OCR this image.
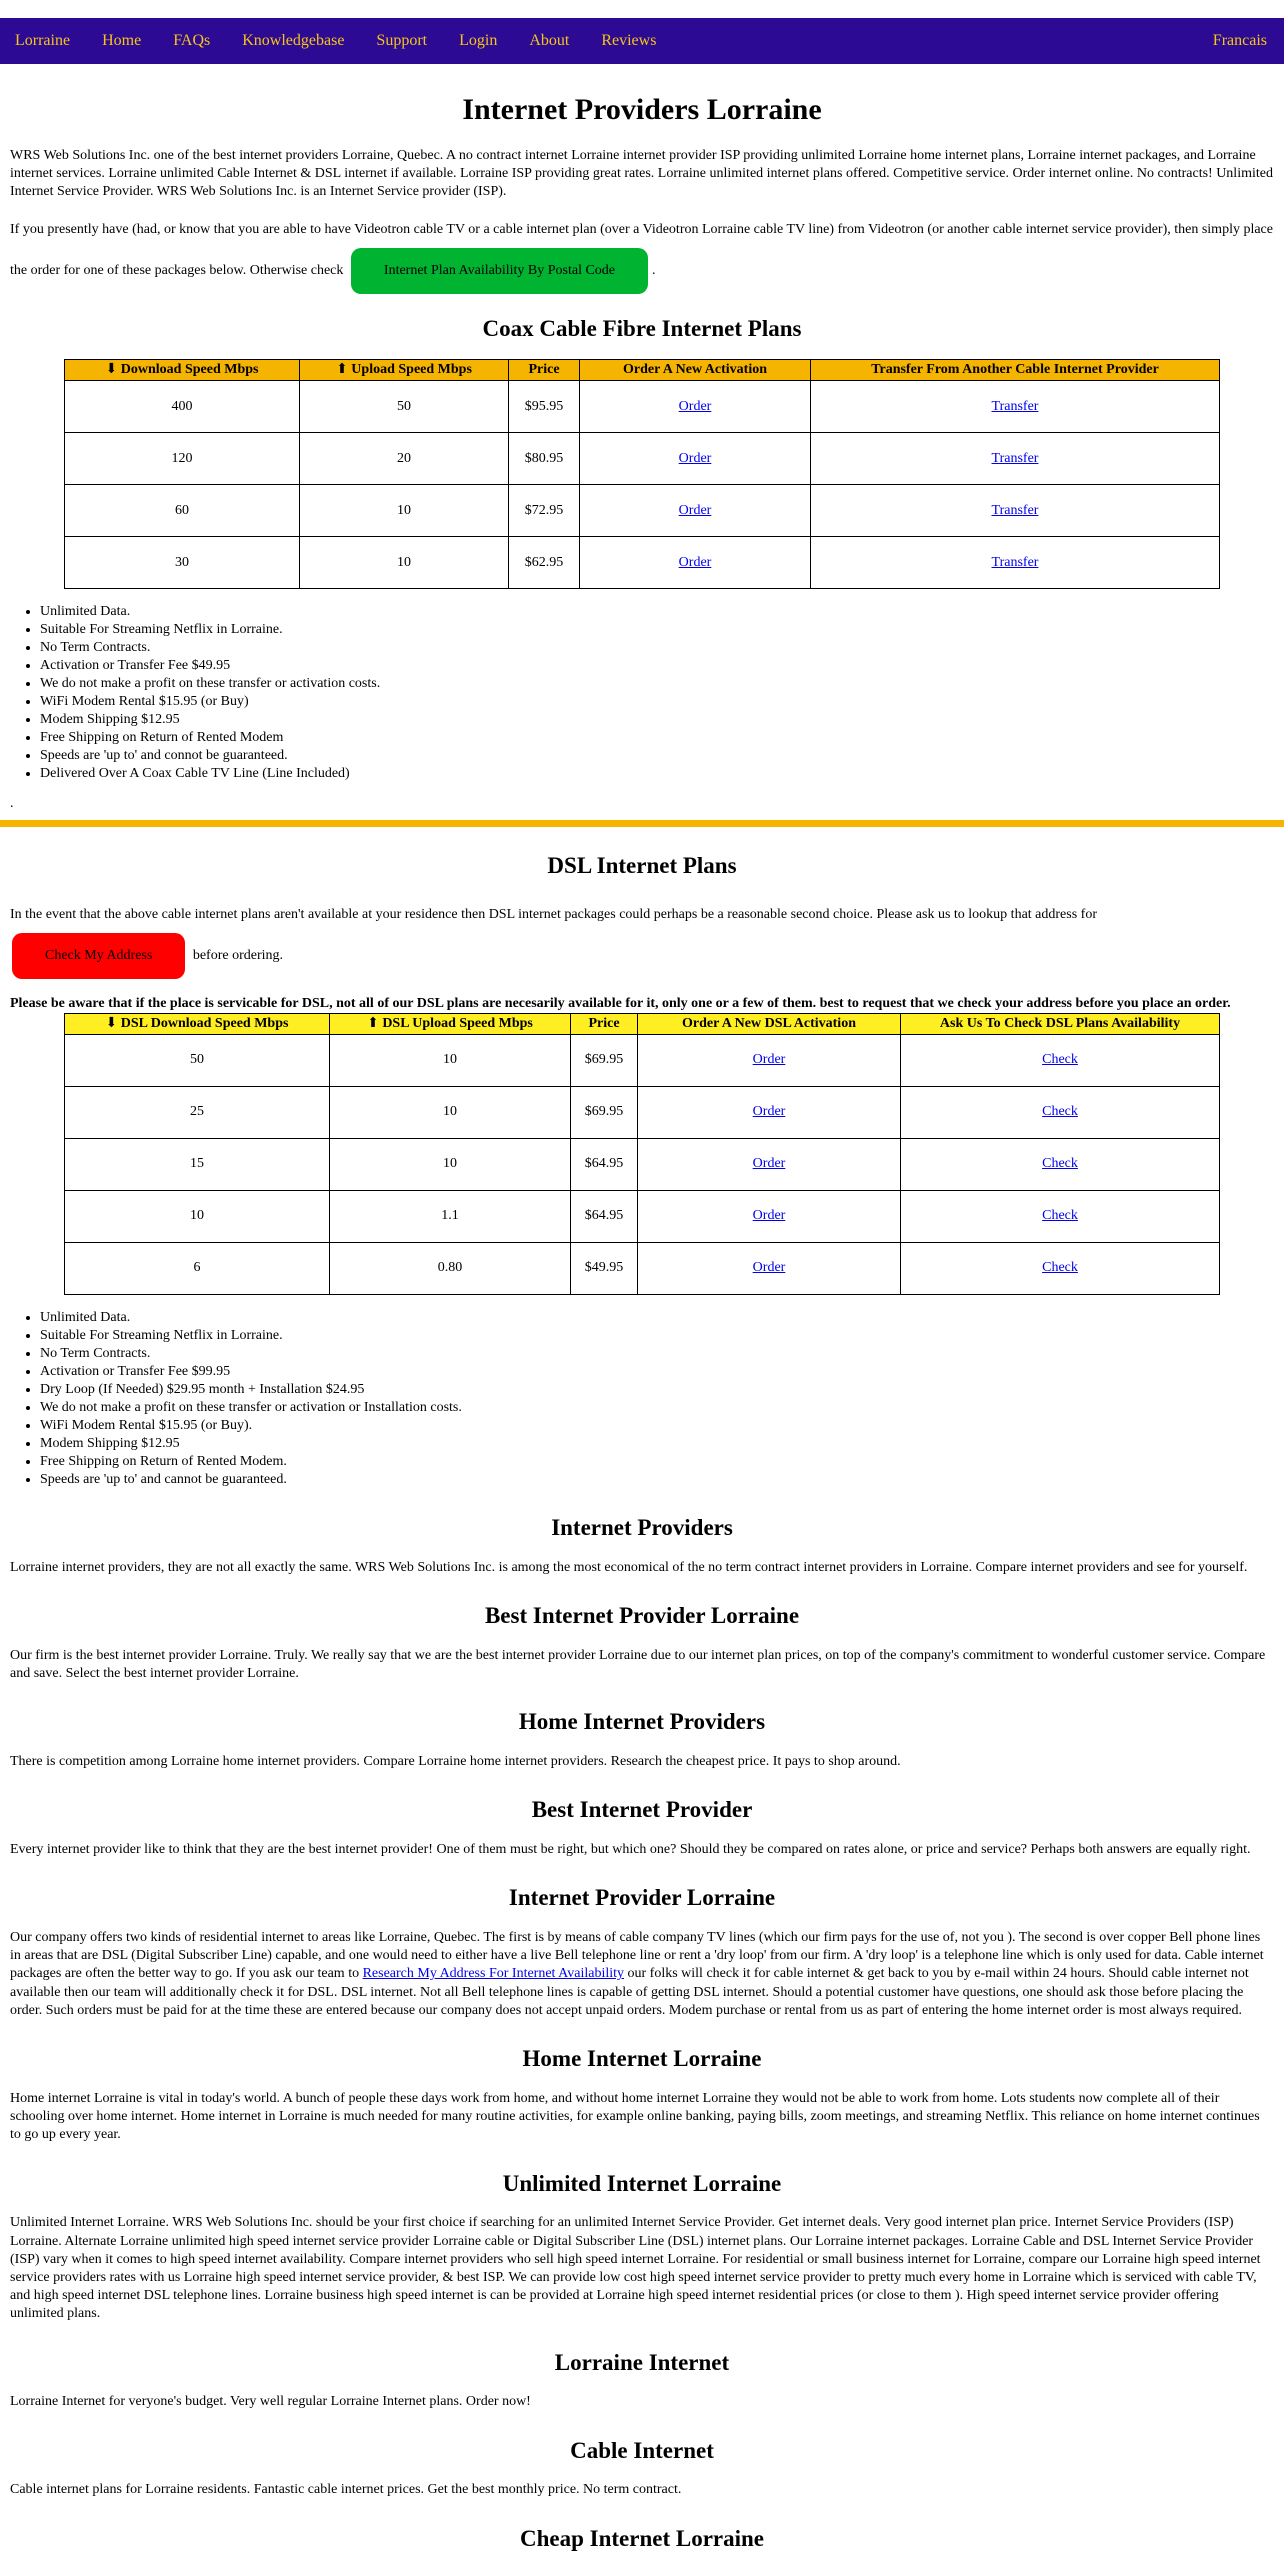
Lorraine Home FAQs Knowledgebase Support Login About Reviews	Francais
Internet Providers Lorraine

WRS Web Solutions Inc. one of the best internet providers Lorraine, Quebec. A no contract internet Lorraine internet provider ISP providing unlimited Lorraine home internet plans, Lorraine internet packages, and Lorraine internet services. Lorraine unlimited Cable Internet & DSL internet if available. Lorraine ISP providing great rates. Lorraine unlimited internet plans offered. Competitive service. Order internet online. No contracts! Unlimited Internet Service Provider. WRS Web Solutions Inc. is an Internet Service provider (ISP).

If you presently have (had, or know that you are able to have Videotron cable TV or a cable internet plan (over a Videotron Lorraine cable TV line) from Videotron (or another cable internet service provider), then simply place the order for one of these packages below. Otherwise check	Internet Plan Availability By Postal Code	.

Coax Cable Fibre Internet Plans
⬇ Download Speed Mbps	⬆ Upload Speed Mbps	Price	Order A New Activation	Transfer From Another Cable Internet Provider
400	50	$95.95	Order	Transfer
120	20	$80.95	Order	Transfer
60	10	$72.95	Order	Transfer
30	10	$62.95	Order	Transfer
• Unlimited Data.
• Suitable For Streaming Netflix in Lorraine.
• No Term Contracts.
• Activation or Transfer Fee $49.95
• We do not make a profit on these transfer or activation costs.
• WiFi Modem Rental $15.95 (or Buy)
• Modem Shipping $12.95
• Free Shipping on Return of Rented Modem
• Speeds are 'up to' and connot be guaranteed.
• Delivered Over A Coax Cable TV Line (Line Included)

.

DSL Internet Plans

In the event that the above cable internet plans aren't available at your residence then DSL internet packages could perhaps be a reasonable second choice. Please ask us to lookup that address for
Check My Address	before ordering.

Please be aware that if the place is servicable for DSL, not all of our DSL plans are necesarily available for it, only one or a few of them. best to request that we check your address before you place an order.

⬇ DSL Download Speed Mbps	⬆ DSL Upload Speed Mbps	Price	Order A New DSL Activation	Ask Us To Check DSL Plans Availability
50	10	$69.95	Order	Check
25	10	$69.95	Order	Check
15	10	$64.95	Order	Check
10	1.1	$64.95	Order	Check
6	0.80	$49.95	Order	Check
• Unlimited Data.
• Suitable For Streaming Netflix in Lorraine.
• No Term Contracts.
• Activation or Transfer Fee $99.95
• Dry Loop (If Needed) $29.95 month + Installation $24.95
• We do not make a profit on these transfer or activation or Installation costs.
• WiFi Modem Rental $15.95 (or Buy).
• Modem Shipping $12.95
• Free Shipping on Return of Rented Modem.
• Speeds are 'up to' and cannot be guaranteed.
Internet Providers

Lorraine internet providers, they are not all exactly the same. WRS Web Solutions Inc. is among the most economical of the no term contract internet providers in Lorraine. Compare internet providers and see for yourself.

Best Internet Provider Lorraine

Our firm is the best internet provider Lorraine. Truly. We really say that we are the best internet provider Lorraine due to our internet plan prices, on top of the company's commitment to wonderful customer service. Compare and save. Select the best internet provider Lorraine.

Home Internet Providers

There is competition among Lorraine home internet providers. Compare Lorraine home internet providers. Research the cheapest price. It pays to shop around.

Best Internet Provider

Every internet provider like to think that they are the best internet provider! One of them must be right, but which one? Should they be compared on rates alone, or price and service? Perhaps both answers are equally right.

Internet Provider Lorraine

Our company offers two kinds of residential internet to areas like Lorraine, Quebec. The first is by means of cable company TV lines (which our firm pays for the use of, not you ). The second is over copper Bell phone lines in areas that are DSL (Digital Subscriber Line) capable, and one would need to either have a live Bell telephone line or rent a 'dry loop' from our firm. A 'dry loop' is a telephone line which is only used for data. Cable internet packages are often the better way to go. If you ask our team to Research My Address For Internet Availability our folks will check it for cable internet & get back to you by e-mail within 24 hours. Should cable internet not available then our team will additionally check it for DSL. DSL internet. Not all Bell telephone lines is capable of getting DSL internet. Should a potential customer have questions, one should ask those before placing the order. Such orders must be paid for at the time these are entered because our company does not accept unpaid orders. Modem purchase or rental from us as part of entering the home internet order is most always required.

Home Internet Lorraine

Home internet Lorraine is vital in today's world. A bunch of people these days work from home, and without home internet Lorraine they would not be able to work from home. Lots students now complete all of their schooling over home internet. Home internet in Lorraine is much needed for many routine activities, for example online banking, paying bills, zoom meetings, and streaming Netflix. This reliance on home internet continues to go up every year.

Unlimited Internet Lorraine

Unlimited Internet Lorraine. WRS Web Solutions Inc. should be your first choice if searching for an unlimited Internet Service Provider. Get internet deals. Very good internet plan price. Internet Service Providers (ISP) Lorraine. Alternate Lorraine unlimited high speed internet service provider Lorraine cable or Digital Subscriber Line (DSL) internet plans. Our Lorraine internet packages. Lorraine Cable and DSL Internet Service Provider (ISP) vary when it comes to high speed internet availability. Compare internet providers who sell high speed internet Lorraine. For residential or small business internet for Lorraine, compare our Lorraine high speed internet service providers rates with us Lorraine high speed internet service provider, & best ISP. We can provide low cost high speed internet service provider to pretty much every home in Lorraine which is serviced with cable TV, and high speed internet DSL telephone lines. Lorraine business high speed internet is can be provided at Lorraine high speed internet residential prices (or close to them ). High speed internet service provider offering unlimited plans.

Lorraine Internet

Lorraine Internet for veryone's budget. Very well regular Lorraine Internet plans. Order now!

Cable Internet

Cable internet plans for Lorraine residents. Fantastic cable internet prices. Get the best monthly price. No term contract.

Cheap Internet Lorraine
